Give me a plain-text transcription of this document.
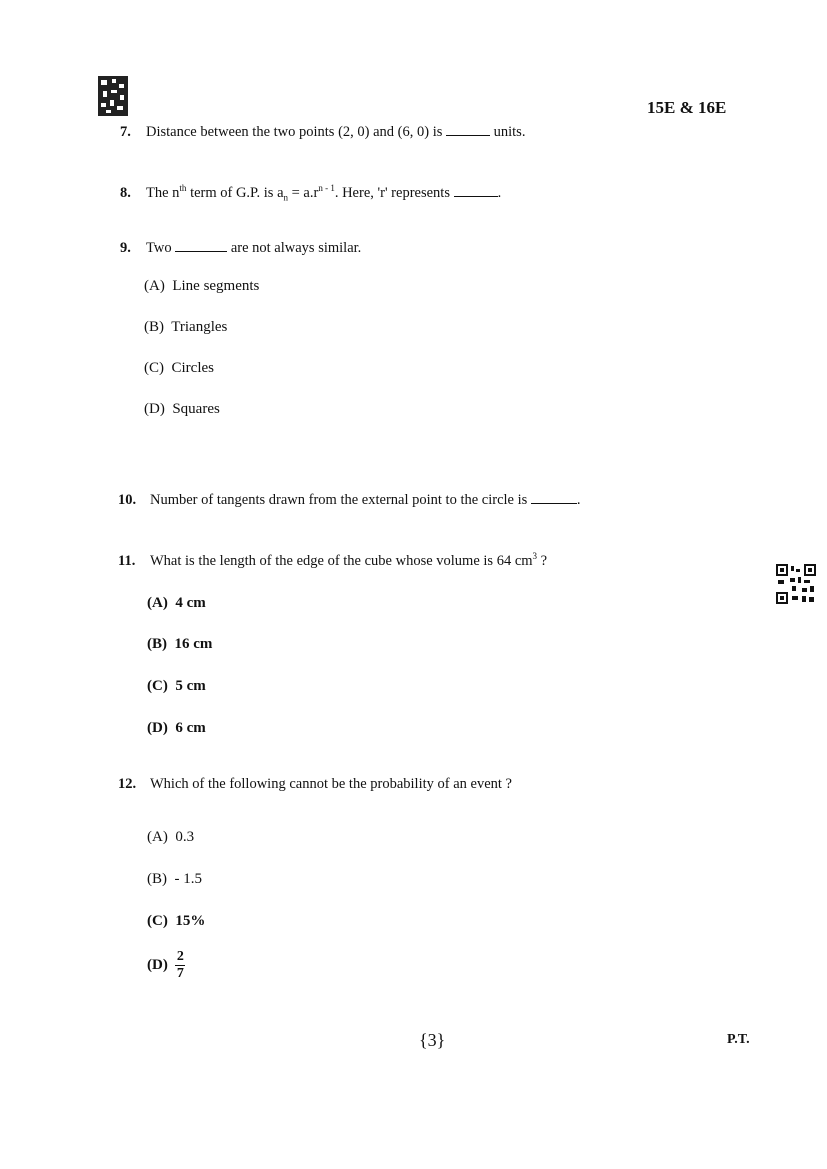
15E & 16E
7. Distance between the two points (2, 0) and (6, 0) is	units.
8. The $n^{th}$ term of G.P. is $a_n = a.r^{n - 1}$. Here, 'r' represents	.
9. Two	are not always similar.
(A) Line segments
(B) Triangles
(C) Circles
(D) Squares
10. Number of tangents drawn from the external point to the circle is	.
11. What is the length of the edge of the cube whose volume is 64 $cm^3$ ?
(A) 4 cm
(B) 16 cm
(C) 5 cm
(D) 6 cm
12. Which of the following cannot be the probability of an event ?
(A) 0.3
(B) - 1.5
(C) 15%
$(D) \frac{2}{7}$
{3}	P.T.
